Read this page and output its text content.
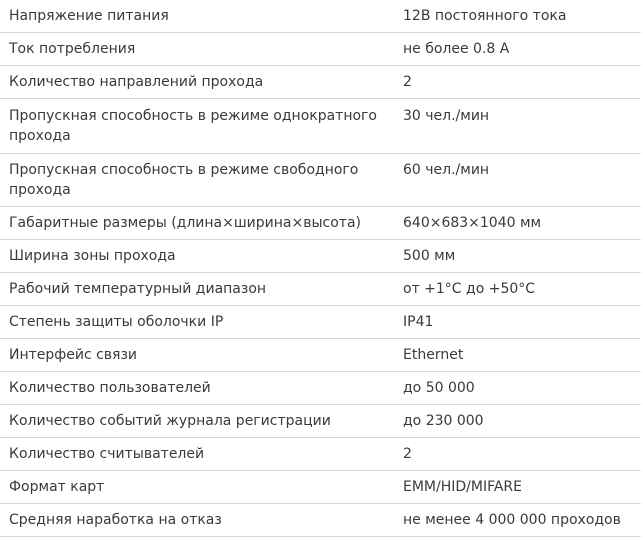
Напряжение питания	12В постоянного тока
Ток потребления	не более 0.8 А
Количество направлений прохода	2
Пропускная способность в режиме однократного прохода	30 чел./мин
Пропускная способность в режиме свободного прохода	60 чел./мин
Габаритные размеры (длина×ширина×высота)	640×683×1040 мм
Ширина зоны прохода	500 мм
Рабочий температурный диапазон	от +1°С до +50°С
Степень защиты оболочки IP	IP41
Интерфейс связи	Ethernet
Количество пользователей	до 50 000
Количество событий журнала регистрации	до 230 000
Количество считывателей	2
Формат карт	EMM/HID/MIFARE
Средняя наработка на отказ	не менее 4 000 000 проходов
